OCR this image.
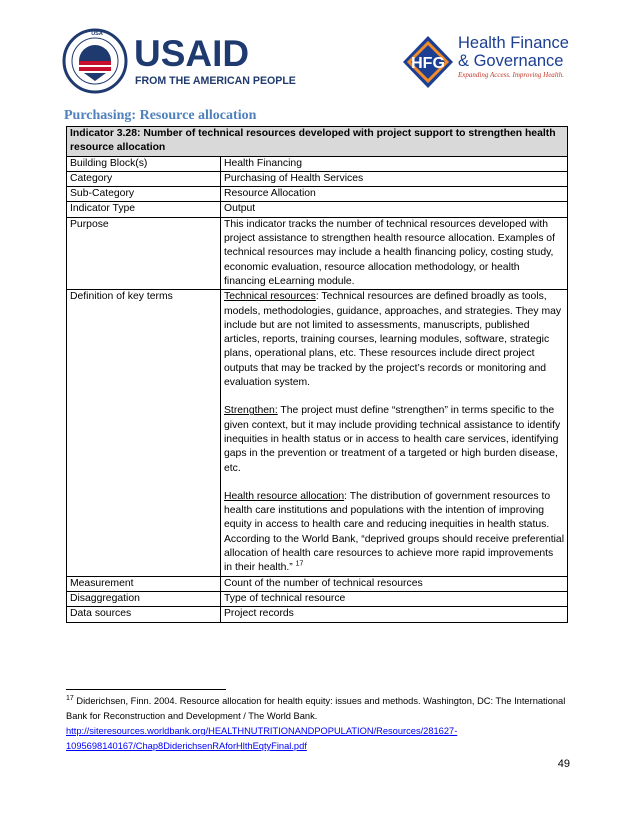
USA USAID
FROM THE AMERICAN PEOPLE
HFG
Health Finance
& Governance
Expanding Access. Improving Health.
Purchasing: Resource allocation
Indicator 3.28: Number of technical resources developed with project support to strengthen health resource allocation	
Building Block(s)	Health Financing
Category	Purchasing of Health Services
Sub-Category	Resource Allocation
Indicator Type	Output
Purpose	This indicator tracks the number of technical resources developed with project assistance to strengthen health resource allocation. Examples of technical resources may include a health financing policy, costing study, economic evaluation, resource allocation methodology, or health financing eLearning module.
Definition of key terms	Technical resources: Technical resources are defined broadly as tools, models, methodologies, guidance, approaches, and strategies. They may include but are not limited to assessments, manuscripts, published articles, reports, training courses, learning modules, software, strategic plans, operational plans, etc. These resources include direct project outputs that may be tracked by the project’s records or monitoring and evaluation system.

Strengthen: The project must define “strengthen” in terms specific to the given context, but it may include providing technical assistance to identify inequities in health status or in access to health care services, identifying gaps in the prevention or treatment of a targeted or high burden disease, etc.

Health resource allocation: The distribution of government resources to health care institutions and populations with the intention of improving equity in access to health care and reducing inequities in health status. According to the World Bank, “deprived groups should receive preferential allocation of health care resources to achieve more rapid improvements in their health.” $^{17}$

Measurement	Count of the number of technical resources
Disaggregation	Type of technical resource
Data sources	Project records
$^{17}$ Diderichsen, Finn. 2004. Resource allocation for health equity: issues and methods. Washington, DC: The International Bank for Reconstruction and Development / The World Bank.
http://siteresources.worldbank.org/HEALTHNUTRITIONANDPOPULATION/Resources/281627-1095698140167/Chap8DiderichsenRAforHlthEqtyFinal.pdf
49
